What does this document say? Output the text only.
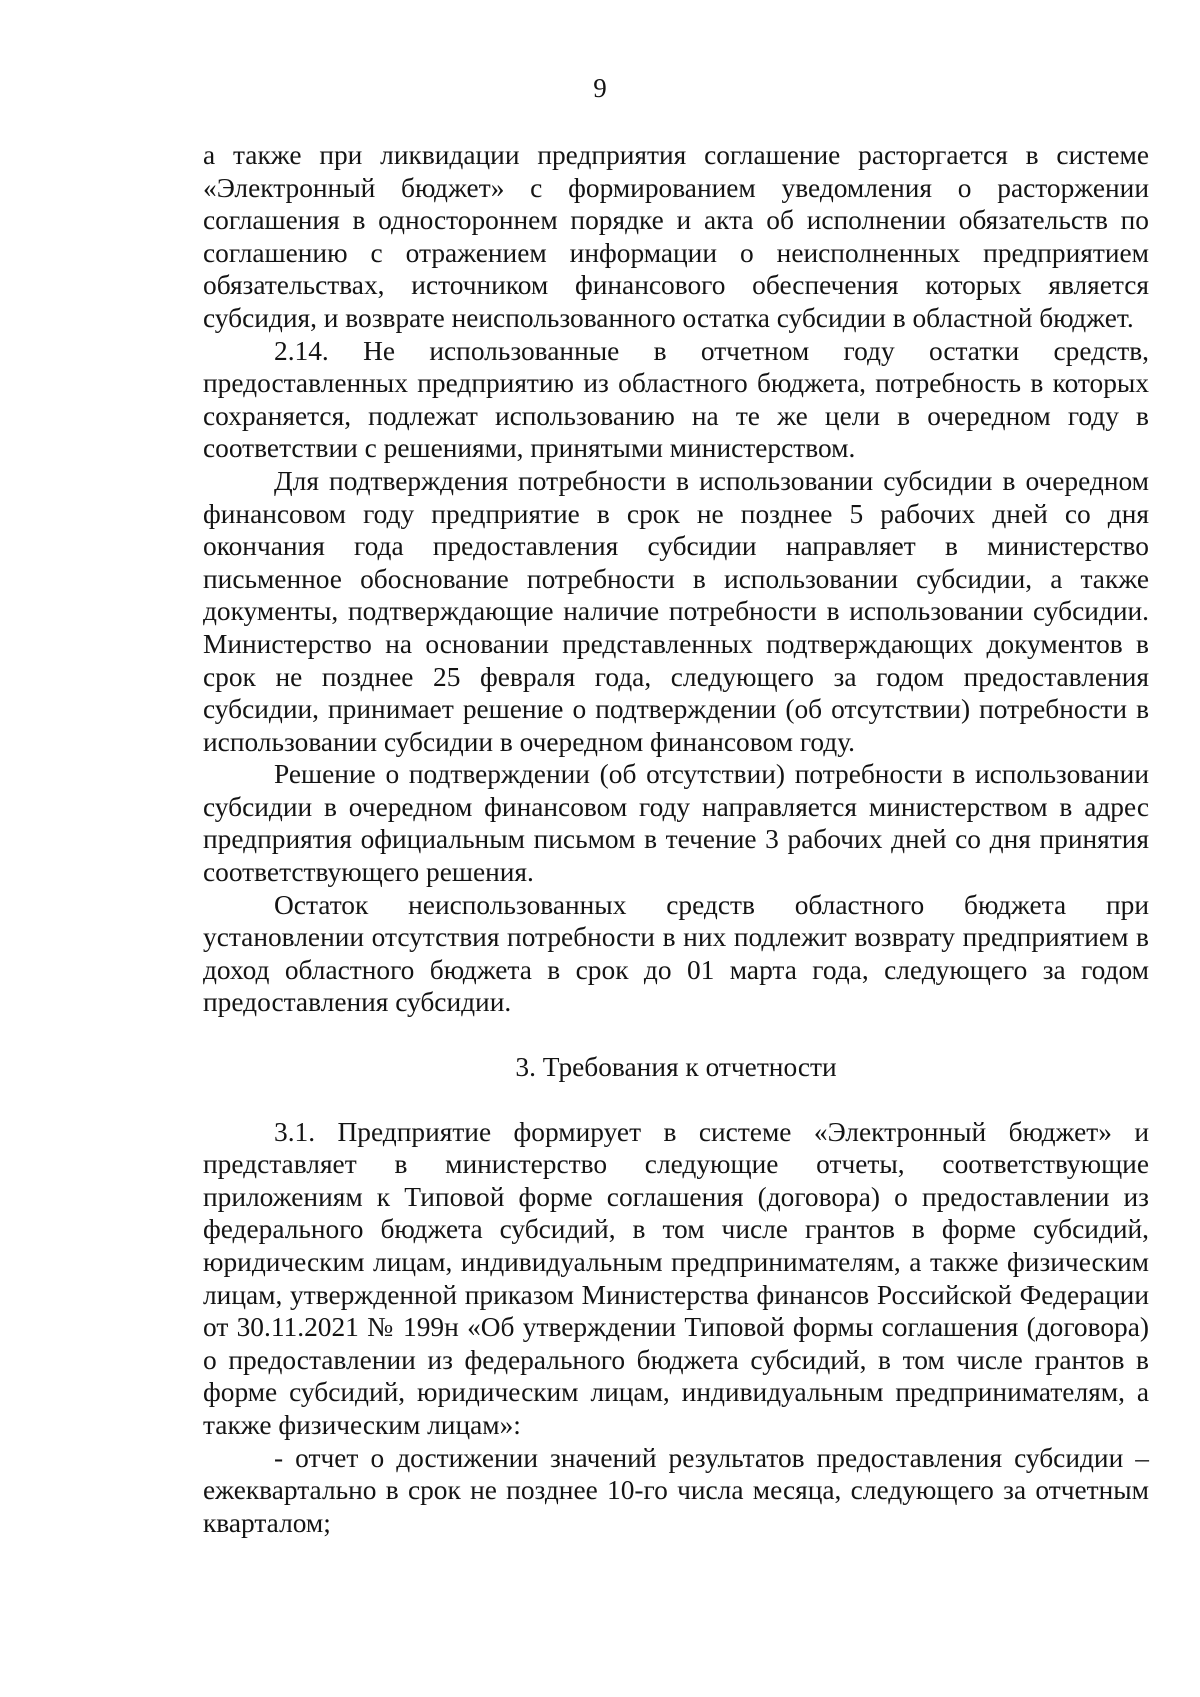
9

а также при ликвидации предприятия соглашение расторгается в системе «Электронный бюджет» с формированием уведомления о расторжении соглашения в одностороннем порядке и акта об исполнении обязательств по соглашению с отражением информации о неисполненных предприятием обязательствах, источником финансового обеспечения которых является субсидия, и возврате неиспользованного остатка субсидии в областной бюджет.

2.14. Не использованные в отчетном году остатки средств, предоставленных предприятию из областного бюджета, потребность в которых сохраняется, подлежат использованию на те же цели в очередном году в соответствии с решениями, принятыми министерством.

Для подтверждения потребности в использовании субсидии в очередном финансовом году предприятие в срок не позднее 5 рабочих дней со дня окончания года предоставления субсидии направляет в министерство письменное обоснование потребности в использовании субсидии, а также документы, подтверждающие наличие потребности в использовании субсидии. Министерство на основании представленных подтверждающих документов в срок не позднее 25 февраля года, следующего за годом предоставления субсидии, принимает решение о подтверждении (об отсутствии) потребности в использовании субсидии в очередном финансовом году.

Решение о подтверждении (об отсутствии) потребности в использовании субсидии в очередном финансовом году направляется министерством в адрес предприятия официальным письмом в течение 3 рабочих дней со дня принятия соответствующего решения.

Остаток неиспользованных средств областного бюджета при установлении отсутствия потребности в них подлежит возврату предприятием в доход областного бюджета в срок до 01 марта года, следующего за годом предоставления субсидии.

3. Требования к отчетности

3.1. Предприятие формирует в системе «Электронный бюджет» и представляет в министерство следующие отчеты, соответствующие приложениям к Типовой форме соглашения (договора) о предоставлении из федерального бюджета субсидий, в том числе грантов в форме субсидий, юридическим лицам, индивидуальным предпринимателям, а также физическим лицам, утвержденной приказом Министерства финансов Российской Федерации от 30.11.2021 № 199н «Об утверждении Типовой формы соглашения (договора) о предоставлении из федерального бюджета субсидий, в том числе грантов в форме субсидий, юридическим лицам, индивидуальным предпринимателям, а также физическим лицам»:

- отчет о достижении значений результатов предоставления субсидии – ежеквартально в срок не позднее 10-го числа месяца, следующего за отчетным кварталом;
